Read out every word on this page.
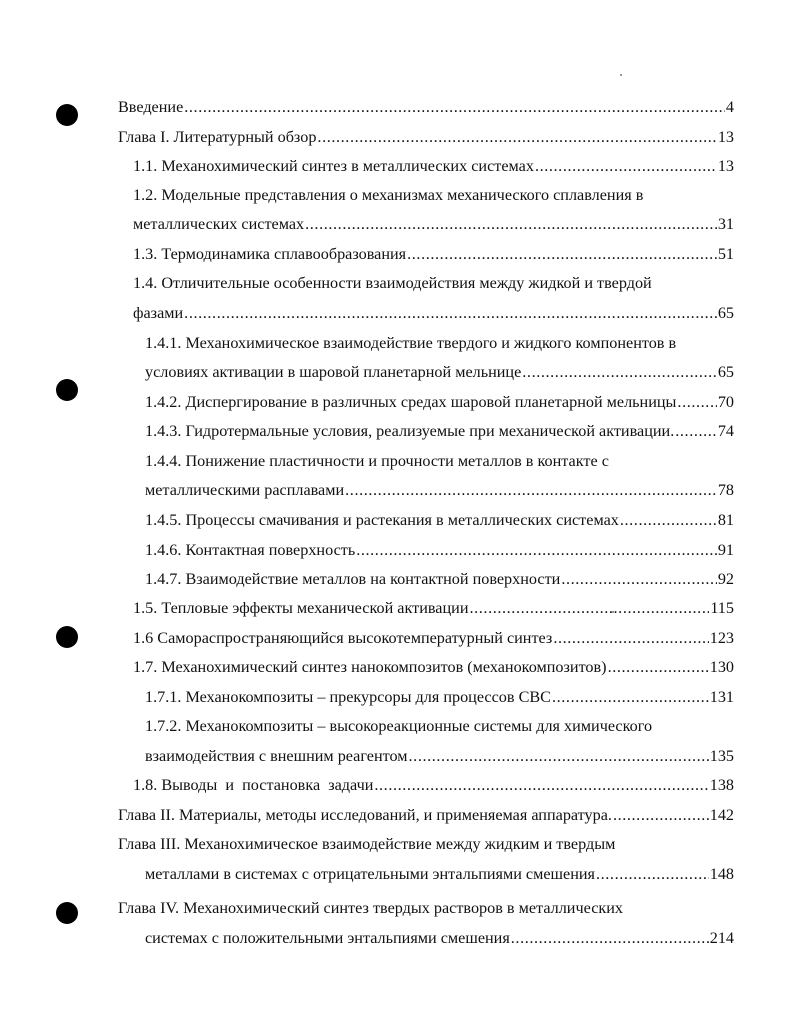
Введение .....	4
Глава I. Литературный обзор .....	13
1.1. Механохимический синтез в металлических системах .....	13
1.2. Модельные представления о механизмах механического сплавления в
металлических системах .....	31
1.3. Термодинамика сплавообразования .....	51
1.4. Отличительные особенности взаимодействия между жидкой и твердой
фазами .....	65
1.4.1. Механохимическое взаимодействие твердого и жидкого компонентов в
условиях активации в шаровой планетарной мельнице .....	65
1.4.2. Диспергирование в различных средах шаровой планетарной мельницы .....	70
1.4.3. Гидротермальные условия, реализуемые при механической активации. .....	74
1.4.4. Понижение пластичности и прочности металлов в контакте с
металлическими расплавами .....	78
1.4.5. Процессы смачивания и растекания в металлических системах .....	81
1.4.6. Контактная поверхность .....	91
1.4.7. Взаимодействие металлов на контактной поверхности .....	92
1.5. Тепловые эффекты механической активации .....	115
1.6 Самораспространяющийся высокотемпературный синтез .....	123
1.7. Механохимический синтез нанокомпозитов (механокомпозитов) .....	130
1.7.1. Механокомпозиты – прекурсоры для процессов СВС .....	131
1.7.2. Механокомпозиты – высокореакционные системы для химического
взаимодействия с внешним реагентом .....	135
1.8. Выводы  и  постановка  задачи .....	138
Глава II. Материалы, методы исследований, и применяемая аппаратура. .....	142
Глава III. Механохимическое взаимодействие между жидким и твердым
металлами в системах с отрицательными энтальпиями смешения .....	148
Глава IV. Механохимический синтез твердых растворов в металлических
системах с положительными энтальпиями смешения .....	214
